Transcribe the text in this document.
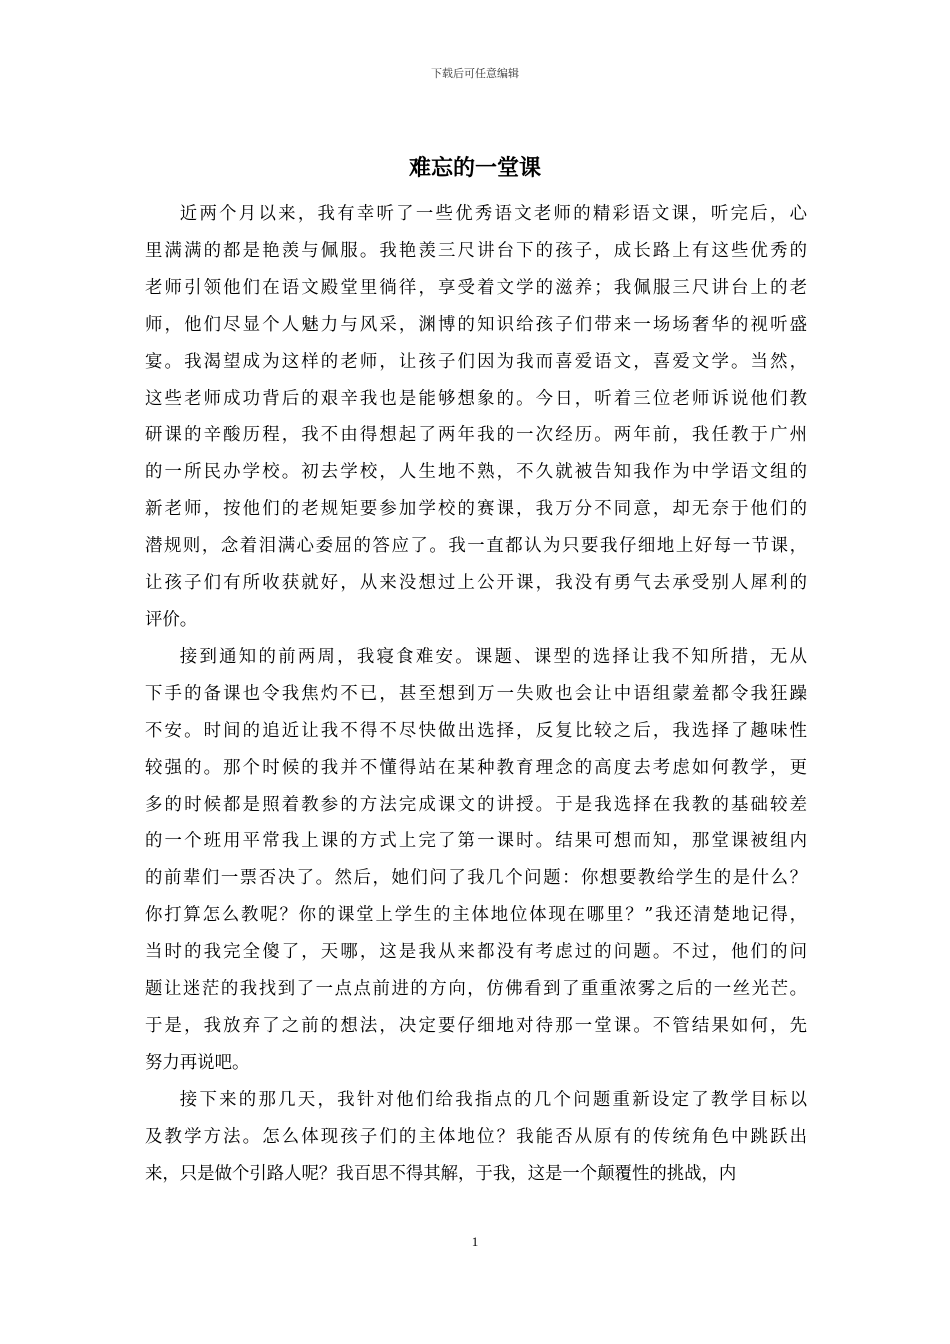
下载后可任意编辑
难忘的一堂课

近两个月以来，我有幸听了一些优秀语文老师的精彩语文课，听完后，心
里满满的都是艳羡与佩服。我艳羡三尺讲台下的孩子，成长路上有这些优秀的
老师引领他们在语文殿堂里徜徉，享受着文学的滋养；我佩服三尺讲台上的老
师，他们尽显个人魅力与风采，渊博的知识给孩子们带来一场场奢华的视听盛
宴。我渴望成为这样的老师，让孩子们因为我而喜爱语文，喜爱文学。当然，
这些老师成功背后的艰辛我也是能够想象的。今日，听着三位老师诉说他们教
研课的辛酸历程，我不由得想起了两年我的一次经历。两年前，我任教于广州
的一所民办学校。初去学校，人生地不熟，不久就被告知我作为中学语文组的
新老师，按他们的老规矩要参加学校的赛课，我万分不同意，却无奈于他们的
潜规则，念着泪满心委屈的答应了。我一直都认为只要我仔细地上好每一节课，
让孩子们有所收获就好，从来没想过上公开课，我没有勇气去承受别人犀利的
评价。

接到通知的前两周，我寝食难安。课题、课型的选择让我不知所措，无从
下手的备课也令我焦灼不已，甚至想到万一失败也会让中语组蒙羞都令我狂躁
不安。时间的追近让我不得不尽快做出选择，反复比较之后，我选择了趣味性
较强的。那个时候的我并不懂得站在某种教育理念的高度去考虑如何教学，更
多的时候都是照着教参的方法完成课文的讲授。于是我选择在我教的基础较差
的一个班用平常我上课的方式上完了第一课时。结果可想而知，那堂课被组内
的前辈们一票否决了。然后，她们问了我几个问题：你想要教给学生的是什么？
你打算怎么教呢？你的课堂上学生的主体地位体现在哪里？”我还清楚地记得，
当时的我完全傻了，天哪，这是我从来都没有考虑过的问题。不过，他们的问
题让迷茫的我找到了一点点前进的方向，仿佛看到了重重浓雾之后的一丝光芒。
于是，我放弃了之前的想法，决定要仔细地对待那一堂课。不管结果如何，先
努力再说吧。

接下来的那几天，我针对他们给我指点的几个问题重新设定了教学目标以
及教学方法。怎么体现孩子们的主体地位？我能否从原有的传统角色中跳跃出
来，只是做个引路人呢？我百思不得其解，于我，这是一个颠覆性的挑战，内

1
